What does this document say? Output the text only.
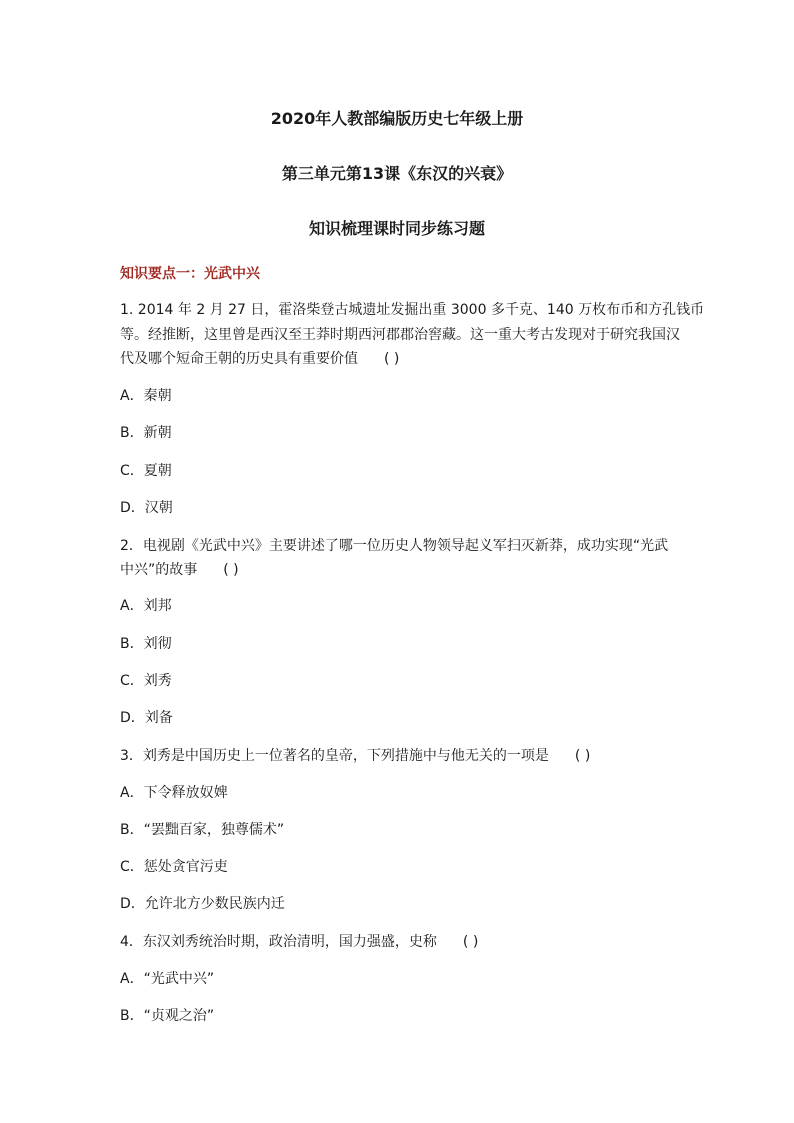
2020年人教部编版历史七年级上册
第三单元第13课《东汉的兴衰》
知识梳理课时同步练习题
知识要点一：光武中兴
1. 2014 年 2 月 27 日，霍洛柴登古城遗址发掘出重 3000 多千克、140 万枚布币和方孔钱币
等。经推断，这里曾是西汉至王莽时期西河郡郡治窖藏。这一重大考古发现对于研究我国汉
代及哪个短命王朝的历史具有重要价值 ( )
A．秦朝
B．新朝
C．夏朝
D．汉朝
2．电视剧《光武中兴》主要讲述了哪一位历史人物领导起义军扫灭新莽，成功实现“光武
中兴”的故事 ( )
A．刘邦
B．刘彻
C．刘秀
D．刘备
3．刘秀是中国历史上一位著名的皇帝，下列措施中与他无关的一项是 ( )
A．下令释放奴婢
B．“罢黜百家，独尊儒术”
C．惩处贪官污吏
D．允许北方少数民族内迁
4．东汉刘秀统治时期，政治清明，国力强盛，史称 ( )
A．“光武中兴”
B．“贞观之治”
